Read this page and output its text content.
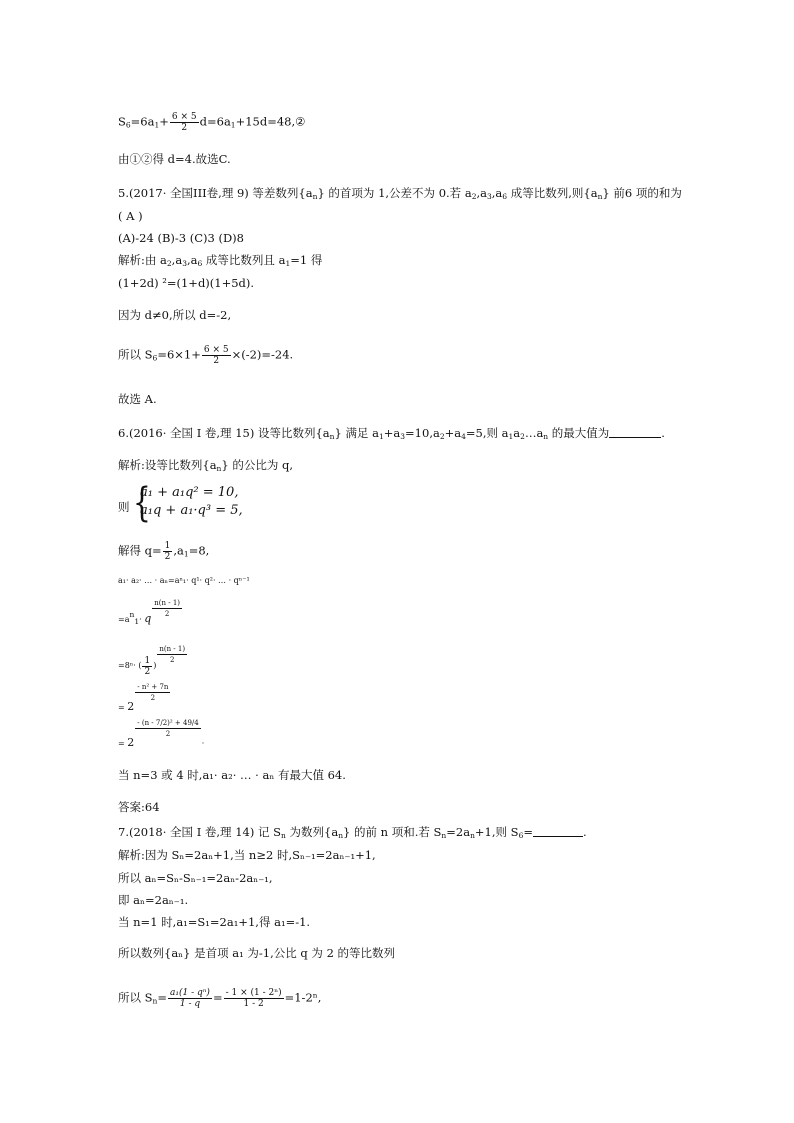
$S_6=6a_1+ \frac{6 \times 5}{2}$ $d=6a_1+15d=48,②$
由①②得 d=4.故选C.
5.(2017· 全国III卷,理 9) 等差数列$\{a_n\}$ 的首项为 1,公差不为 0.若 $a_2,a_3,a_6$ 成等比数列,则$\{a_n\}$ 前6 项的和为
( A )
(A)-24 (B)-3 (C)3 (D)8
解析:由 $a_2,a_3,a_6$ 成等比数列且 $a_1=1$ 得
(1+2d) ²=(1+d)(1+5d).
因为 d≠0,所以 d=-2,
所以 $S_6=6\times 1+ \frac{6 \times 5}{2} \times(-2)=-24$.
故选 A.
6.(2016· 全国 I 卷,理 15) 设等比数列$\{a_n\}$ 满足 $a_1+a_3=10,a_2+a_4=5$,则 $a_1a_2\dots a_n$ 的最大值为	.
解析:设等比数列$\{a_n\}$ 的公比为 q,
则 {
a₁ + a₁q² = 10,
a₁q + a₁·q³ = 5,
解得 $q= \frac{1}{2} ,a_1=8$,
a₁· a₂· … · aₙ=aⁿ₁· q¹· q²· … · qⁿ⁻¹
=an1· q $\frac{n(n - 1)}{2}$
=8ⁿ· ( $\frac{1}{2}$ )
$\frac{n(n - 1)}{2}$
= 2
$\frac{\text{- n² + 7n}}{2}$
= 2
$\frac{\text{- (n - 7/2)² + 49/4}}{2}$
·
当 n=3 或 4 时,a₁· a₂· … · aₙ 有最大值 64.
答案:64
7.(2018· 全国 I 卷,理 14) 记 $S_n$ 为数列$\{a_n\}$ 的前 n 项和.若 $S_n=2a_n+1$,则 $S_6=$	.
解析:因为 Sₙ=2aₙ+1,当 n≥2 时,Sₙ₋₁=2aₙ₋₁+1,
所以 aₙ=Sₙ-Sₙ₋₁=2aₙ-2aₙ₋₁,
即 aₙ=2aₙ₋₁.
当 n=1 时,a₁=S₁=2a₁+1,得 a₁=-1.
所以数列{aₙ} 是首项 a₁ 为-1,公比 q 为 2 的等比数列
所以 $S_n= \frac{\text{a₁(1 - qⁿ)}}{1 - q} = \frac{\text{- 1 × (1 - 2ⁿ)}}{1 - 2} =1-2^n$,
